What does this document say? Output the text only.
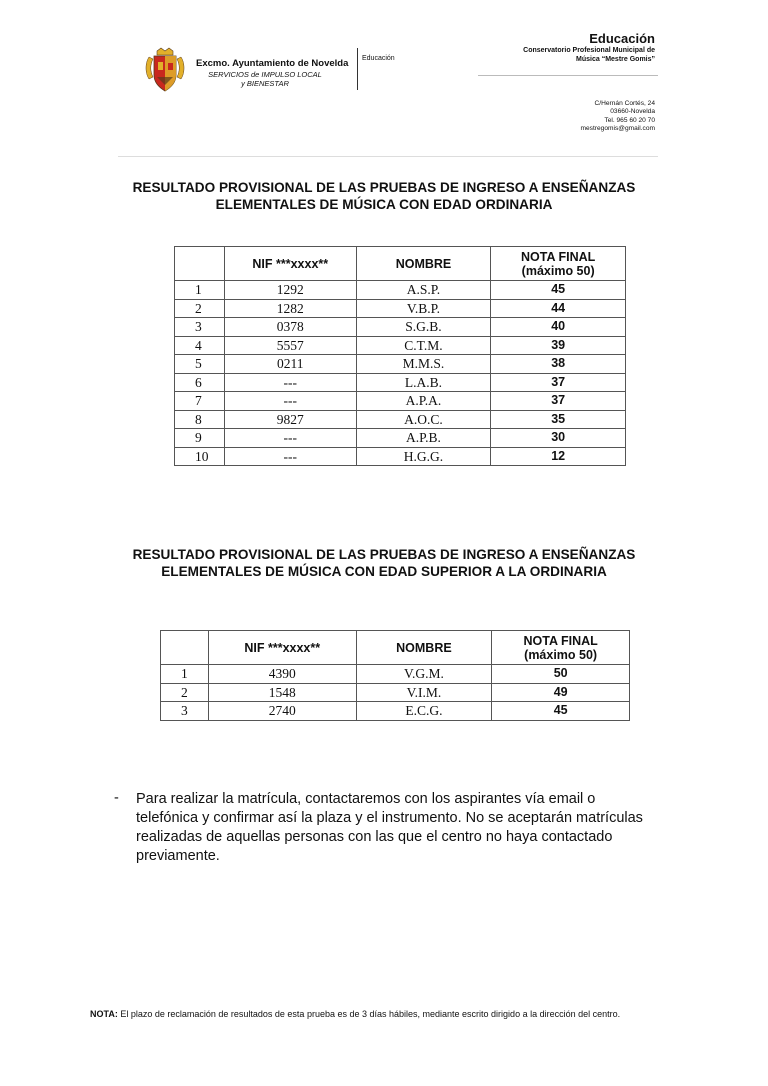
Excmo. Ayuntamiento de Novelda
SERVICIOS de IMPULSO LOCAL
y BIENESTAR
Educación
Educación
Conservatorio Profesional Municipal de
Música “Mestre Gomis”
C/Hernán Cortés, 24
03660-Novelda
Tel. 965 60 20 70
mestregomis@gmail.com
RESULTADO PROVISIONAL DE LAS PRUEBAS DE INGRESO A ENSEÑANZAS
ELEMENTALES DE MÚSICA CON EDAD ORDINARIA
	NIF ***xxxx**	NOMBRE	NOTA FINAL
(máximo 50)

1	1292	A.S.P.	45
2	1282	V.B.P.	44
3	0378	S.G.B.	40
4	5557	C.T.M.	39
5	0211	M.M.S.	38
6	---	L.A.B.	37
7	---	A.P.A.	37
8	9827	A.O.C.	35
9	---	A.P.B.	30
10	---	H.G.G.	12
RESULTADO PROVISIONAL DE LAS PRUEBAS DE INGRESO A ENSEÑANZAS
ELEMENTALES DE MÚSICA CON EDAD SUPERIOR A LA ORDINARIA
	NIF ***xxxx**	NOMBRE	NOTA FINAL
(máximo 50)

1	4390	V.G.M.	50
2	1548	V.I.M.	49
3	2740	E.C.G.	45
- Para realizar la matrícula, contactaremos con los aspirantes vía email o telefónica y confirmar así la plaza y el instrumento. No se aceptarán matrículas realizadas de aquellas personas con las que el centro no haya contactado previamente.
NOTA: El plazo de reclamación de resultados de esta prueba es de 3 días hábiles, mediante escrito dirigido a la dirección del centro.
